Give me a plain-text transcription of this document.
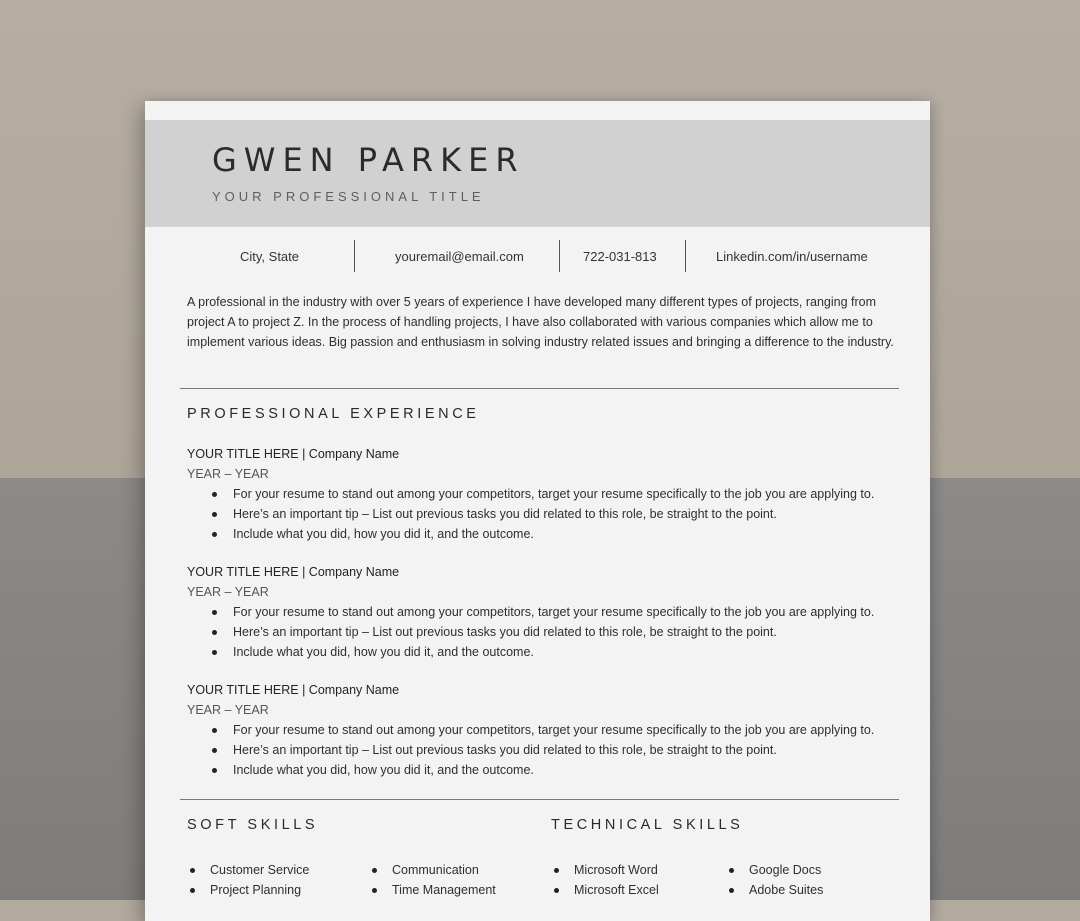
GWEN PARKER
YOUR PROFESSIONAL TITLE
City, State	youremail@email.com	722-031-813	Linkedin.com/in/username
A professional in the industry with over 5 years of experience I have developed many different types of projects, ranging from project A to project Z. In the process of handling projects, I have also collaborated with various companies which allow me to implement various ideas. Big passion and enthusiasm in solving industry related issues and bringing a difference to the industry.
PROFESSIONAL EXPERIENCE
YOUR TITLE HERE | Company Name
YEAR – YEAR
For your resume to stand out among your competitors, target your resume specifically to the job you are applying to.
Here’s an important tip – List out previous tasks you did related to this role, be straight to the point.
Include what you did, how you did it, and the outcome.
YOUR TITLE HERE | Company Name
YEAR – YEAR
For your resume to stand out among your competitors, target your resume specifically to the job you are applying to.
Here’s an important tip – List out previous tasks you did related to this role, be straight to the point.
Include what you did, how you did it, and the outcome.
YOUR TITLE HERE | Company Name
YEAR – YEAR
For your resume to stand out among your competitors, target your resume specifically to the job you are applying to.
Here’s an important tip – List out previous tasks you did related to this role, be straight to the point.
Include what you did, how you did it, and the outcome.
SOFT SKILLS	TECHNICAL SKILLS
Customer Service	Communication
Project Planning	Time Management
Microsoft Word	Google Docs
Microsoft Excel	Adobe Suites
